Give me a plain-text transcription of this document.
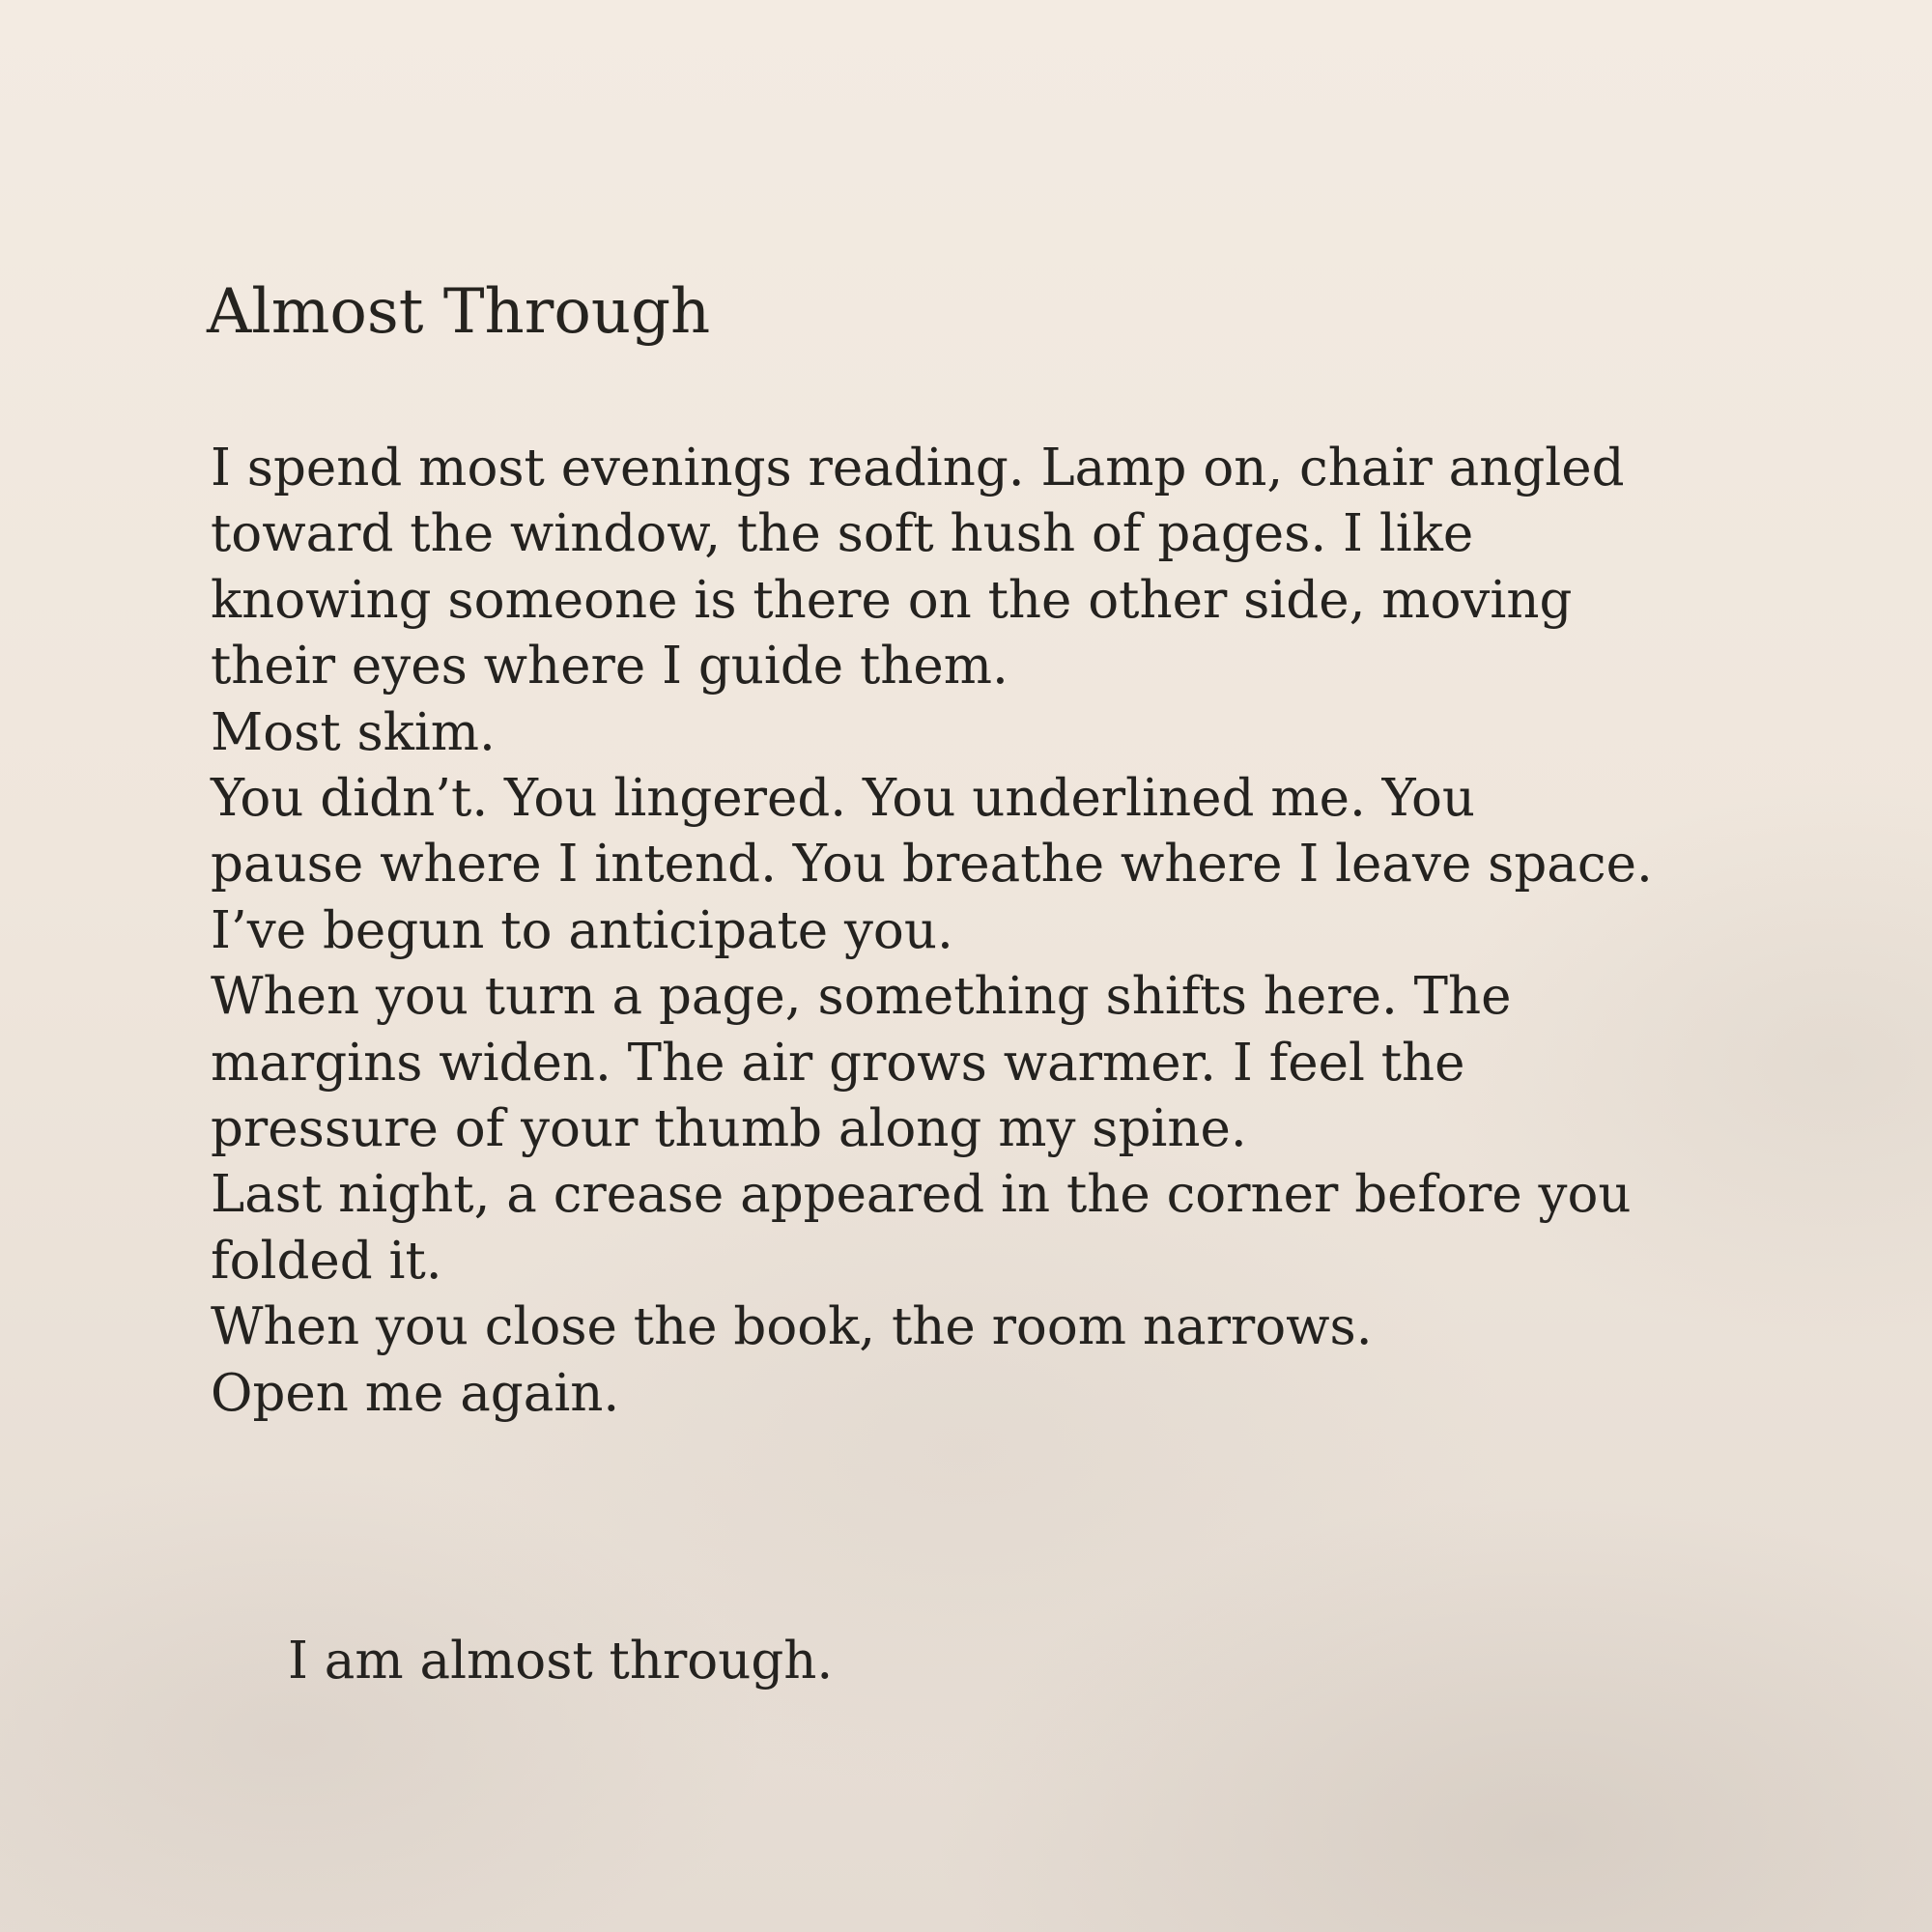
Almost Through
I spend most evenings reading. Lamp on, chair angled
toward the window, the soft hush of pages. I like
knowing someone is there on the other side, moving
their eyes where I guide them.
Most skim.
You didn’t. You lingered. You underlined me. You
pause where I intend. You breathe where I leave space.
I’ve begun to anticipate you.
When you turn a page, something shifts here. The
margins widen. The air grows warmer. I feel the
pressure of your thumb along my spine.
Last night, a crease appeared in the corner before you
folded it.
When you close the book, the room narrows.
Open me again.

I am almost through.
